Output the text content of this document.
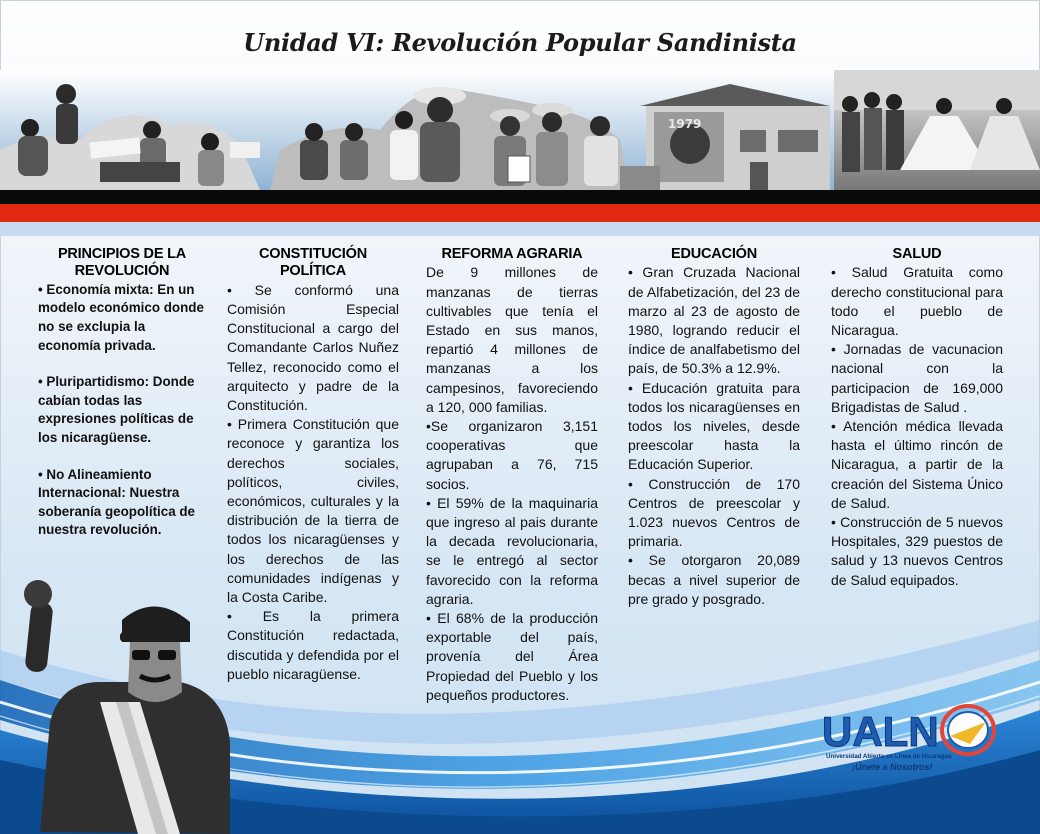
Unidad VI: Revolución Popular Sandinista
1979
PRINCIPIOS DE LA REVOLUCIÓN

• Economía mixta: En un modelo económico donde no se exclupia la economía privada.

• Pluripartidismo: Donde cabían todas las expresiones políticas de los nicaragüense.

• No Alineamiento Internacional: Nuestra soberanía geopolítica de nuestra revolución.

CONSTITUCIÓN POLÍTICA

• Se conformó una Comisión Especial Constitucional a cargo del Comandante Carlos Nuñez Tellez, reconocido como el arquitecto y padre de la Constitución.

• Primera Constitución que reconoce y garantiza los derechos sociales, políticos, civiles, económicos, culturales y la distribución de la tierra de todos los nicaragüenses y los derechos de las comunidades indígenas y la Costa Caribe.

• Es la primera Constitución redactada, discutida y defendida por el pueblo nicaragüense.

REFORMA AGRARIA

De 9 millones de manzanas de tierras cultivables que tenía el Estado en sus manos, repartió 4 millones de manzanas a los campesinos, favoreciendo a 120, 000 familias.

•Se organizaron 3,151 cooperativas que agrupaban a 76, 715 socios.

• El 59% de la maquinaria que ingreso al pais durante la decada revolucionaria, se le entregó al sector favorecido con la reforma agraria.

• El 68% de la producción exportable del país, provenía del Área Propiedad del Pueblo y los pequeños productores.

EDUCACIÓN

• Gran Cruzada Nacional de Alfabetización, del 23 de marzo al 23 de agosto de 1980, logrando reducir el índice de analfabetismo del país, de 50.3% a 12.9%.

• Educación gratuita para todos los nicaragüenses en todos los niveles, desde preescolar hasta la Educación Superior.

• Construcción de 170 Centros de preescolar y 1.023 nuevos Centros de primaria.

• Se otorgaron 20,089 becas a nivel superior de pre grado y posgrado.

SALUD

• Salud Gratuita como derecho constitucional para todo el pueblo de Nicaragua.

• Jornadas de vacunacion nacional con la participacion de 169,000 Brigadistas de Salud .

• Atención médica llevada hasta el último rincón de Nicaragua, a partir de la creación del Sistema Único de Salud.

• Construcción de 5 nuevos Hospitales, 329 puestos de salud y 13 nuevos Centros de Salud equipados.

UALN
Universidad Abierta en Línea de Nicaragua
¡Únete a Nosotros!
